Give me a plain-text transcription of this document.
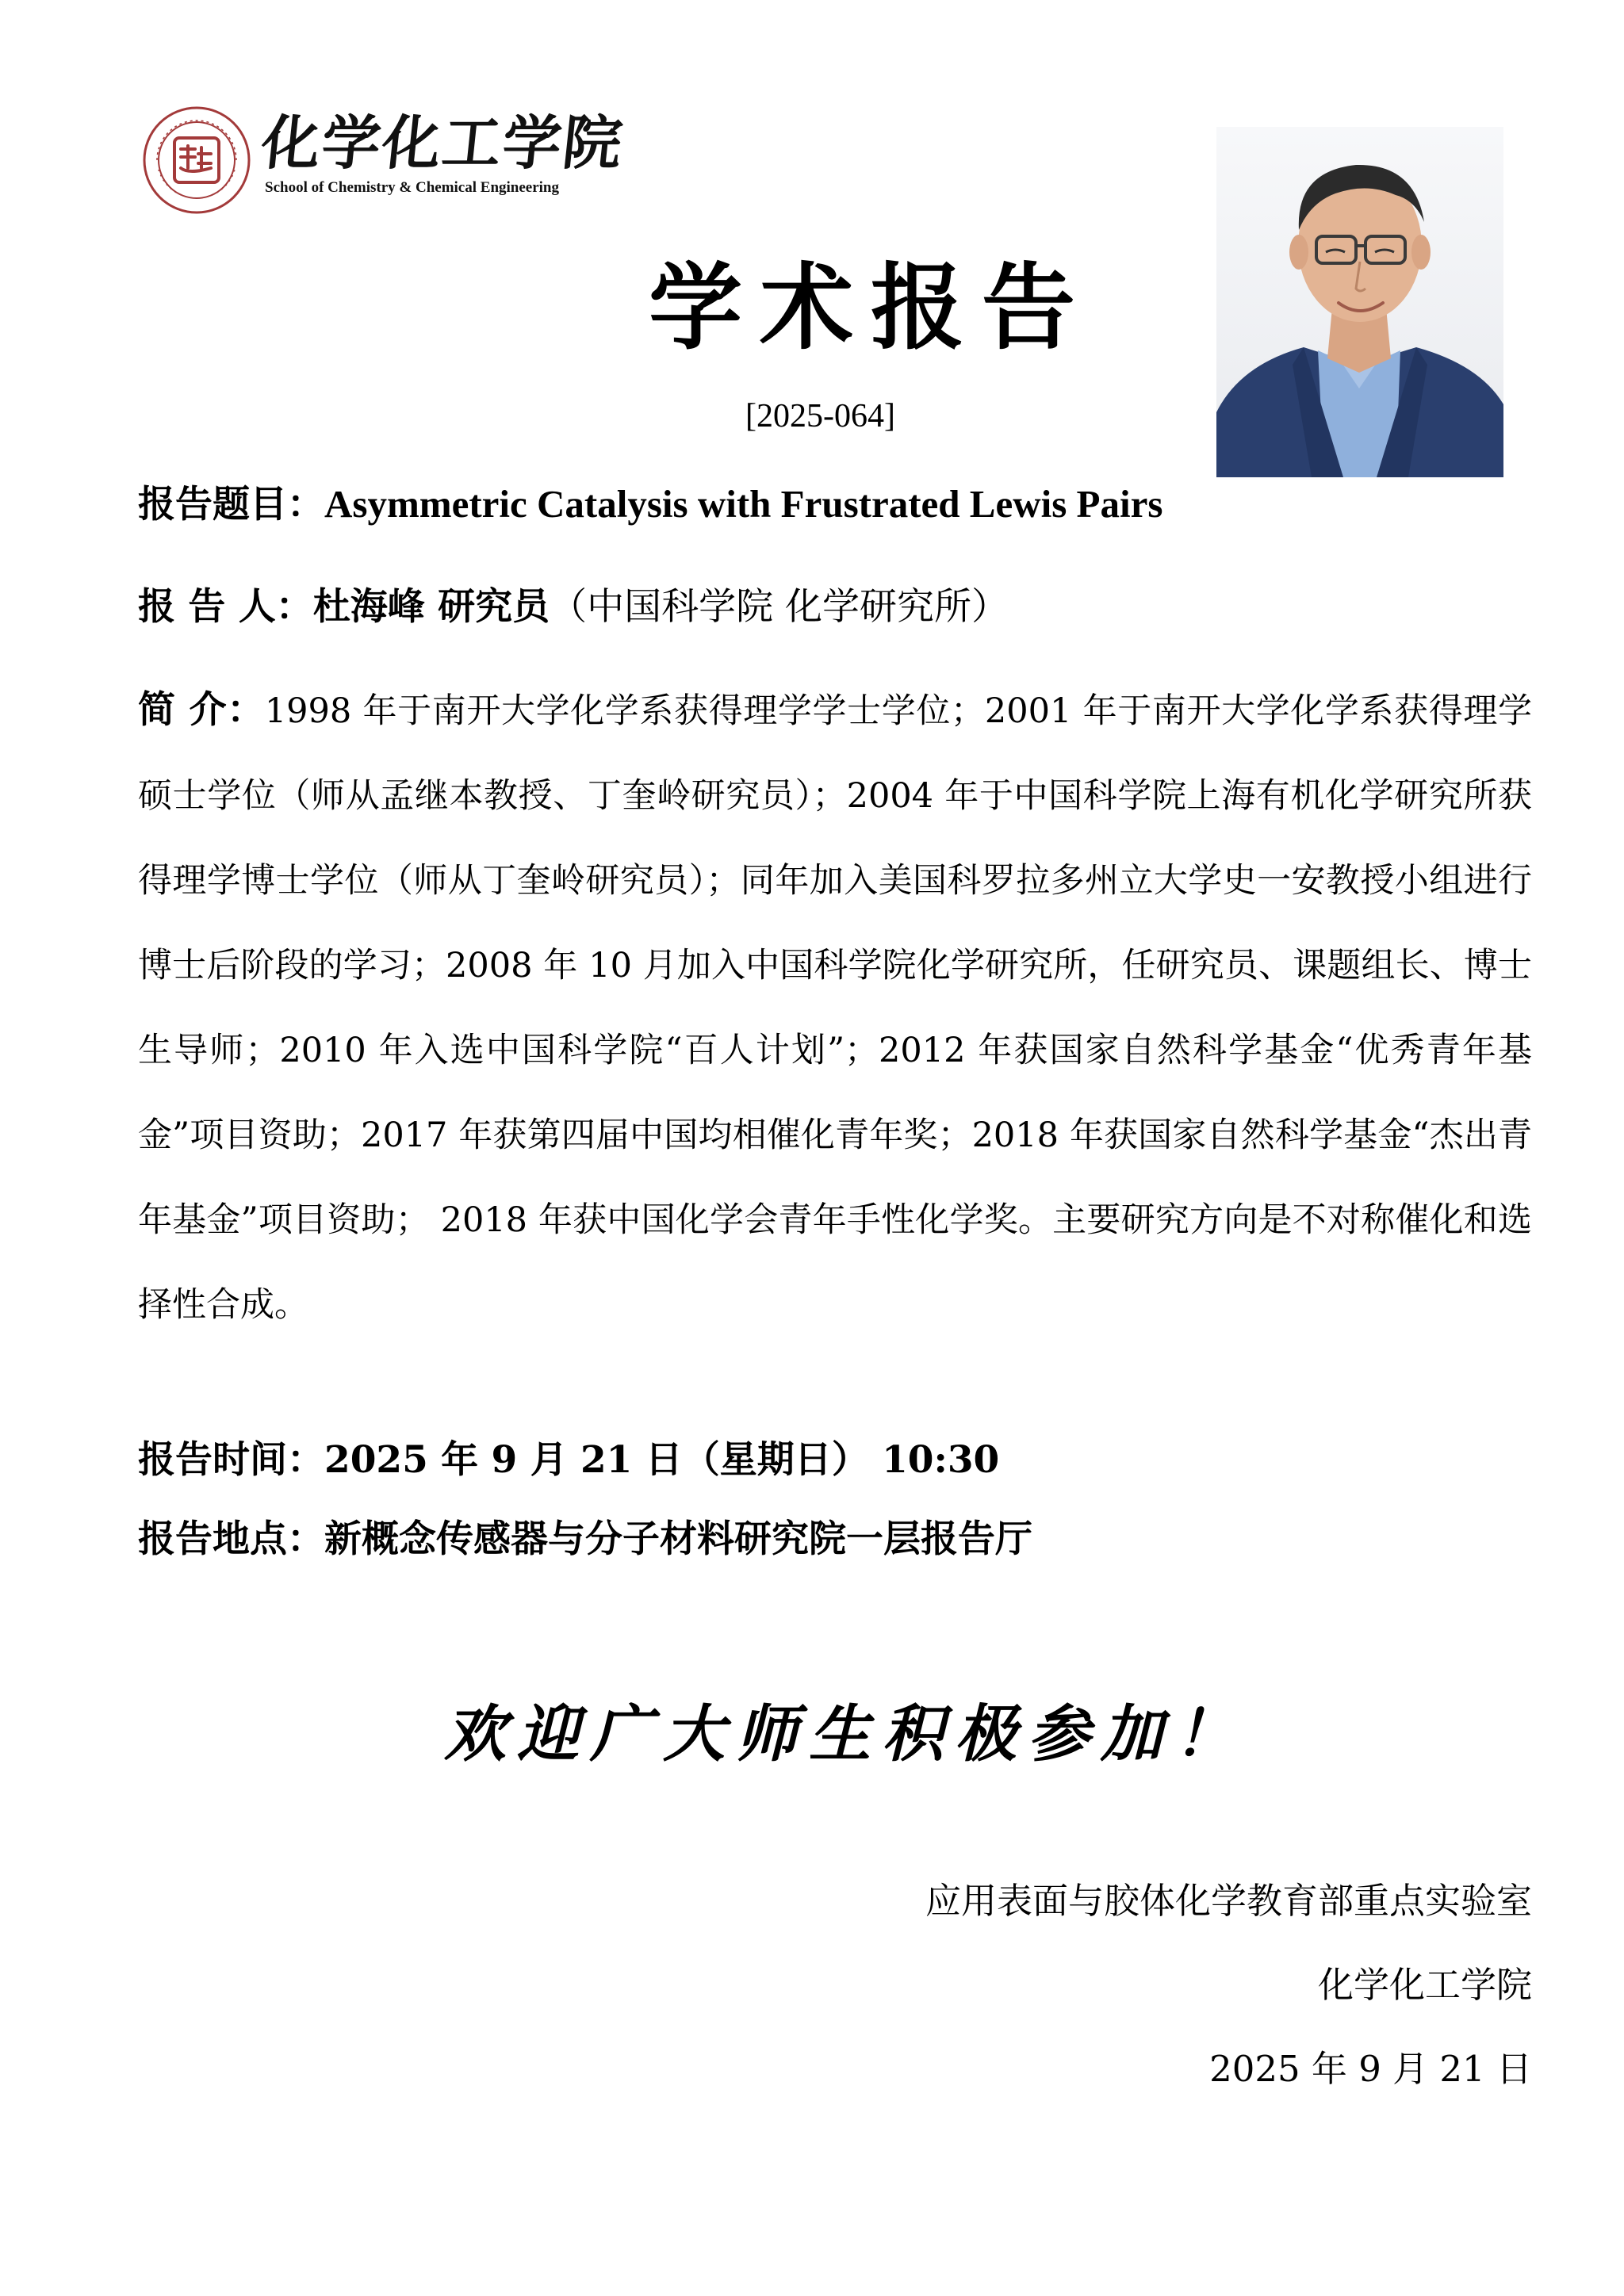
化学化工学院
School of Chemistry & Chemical Engineering
学术报告
[2025-064]
报告题目：Asymmetric Catalysis with Frustrated Lewis Pairs
报 告 人：杜海峰 研究员（中国科学院 化学研究所）
简 介：1998 年于南开大学化学系获得理学学士学位；2001 年于南开大学化学系获得理学硕士学位（师从孟继本教授、丁奎岭研究员）；2004 年于中国科学院上海有机化学研究所获得理学博士学位（师从丁奎岭研究员）；同年加入美国科罗拉多州立大学史一安教授小组进行博士后阶段的学习；2008 年 10 月加入中国科学院化学研究所，任研究员、课题组长、博士生导师；2010 年入选中国科学院“百人计划”；2012 年获国家自然科学基金“优秀青年基金”项目资助；2017 年获第四届中国均相催化青年奖；2018 年获国家自然科学基金“杰出青年基金”项目资助； 2018 年获中国化学会青年手性化学奖。主要研究方向是不对称催化和选择性合成。
报告时间：2025 年 9 月 21 日（星期日） 10:30
报告地点：新概念传感器与分子材料研究院一层报告厅
欢迎广大师生积极参加！
应用表面与胶体化学教育部重点实验室
化学化工学院
2025 年 9 月 21 日
